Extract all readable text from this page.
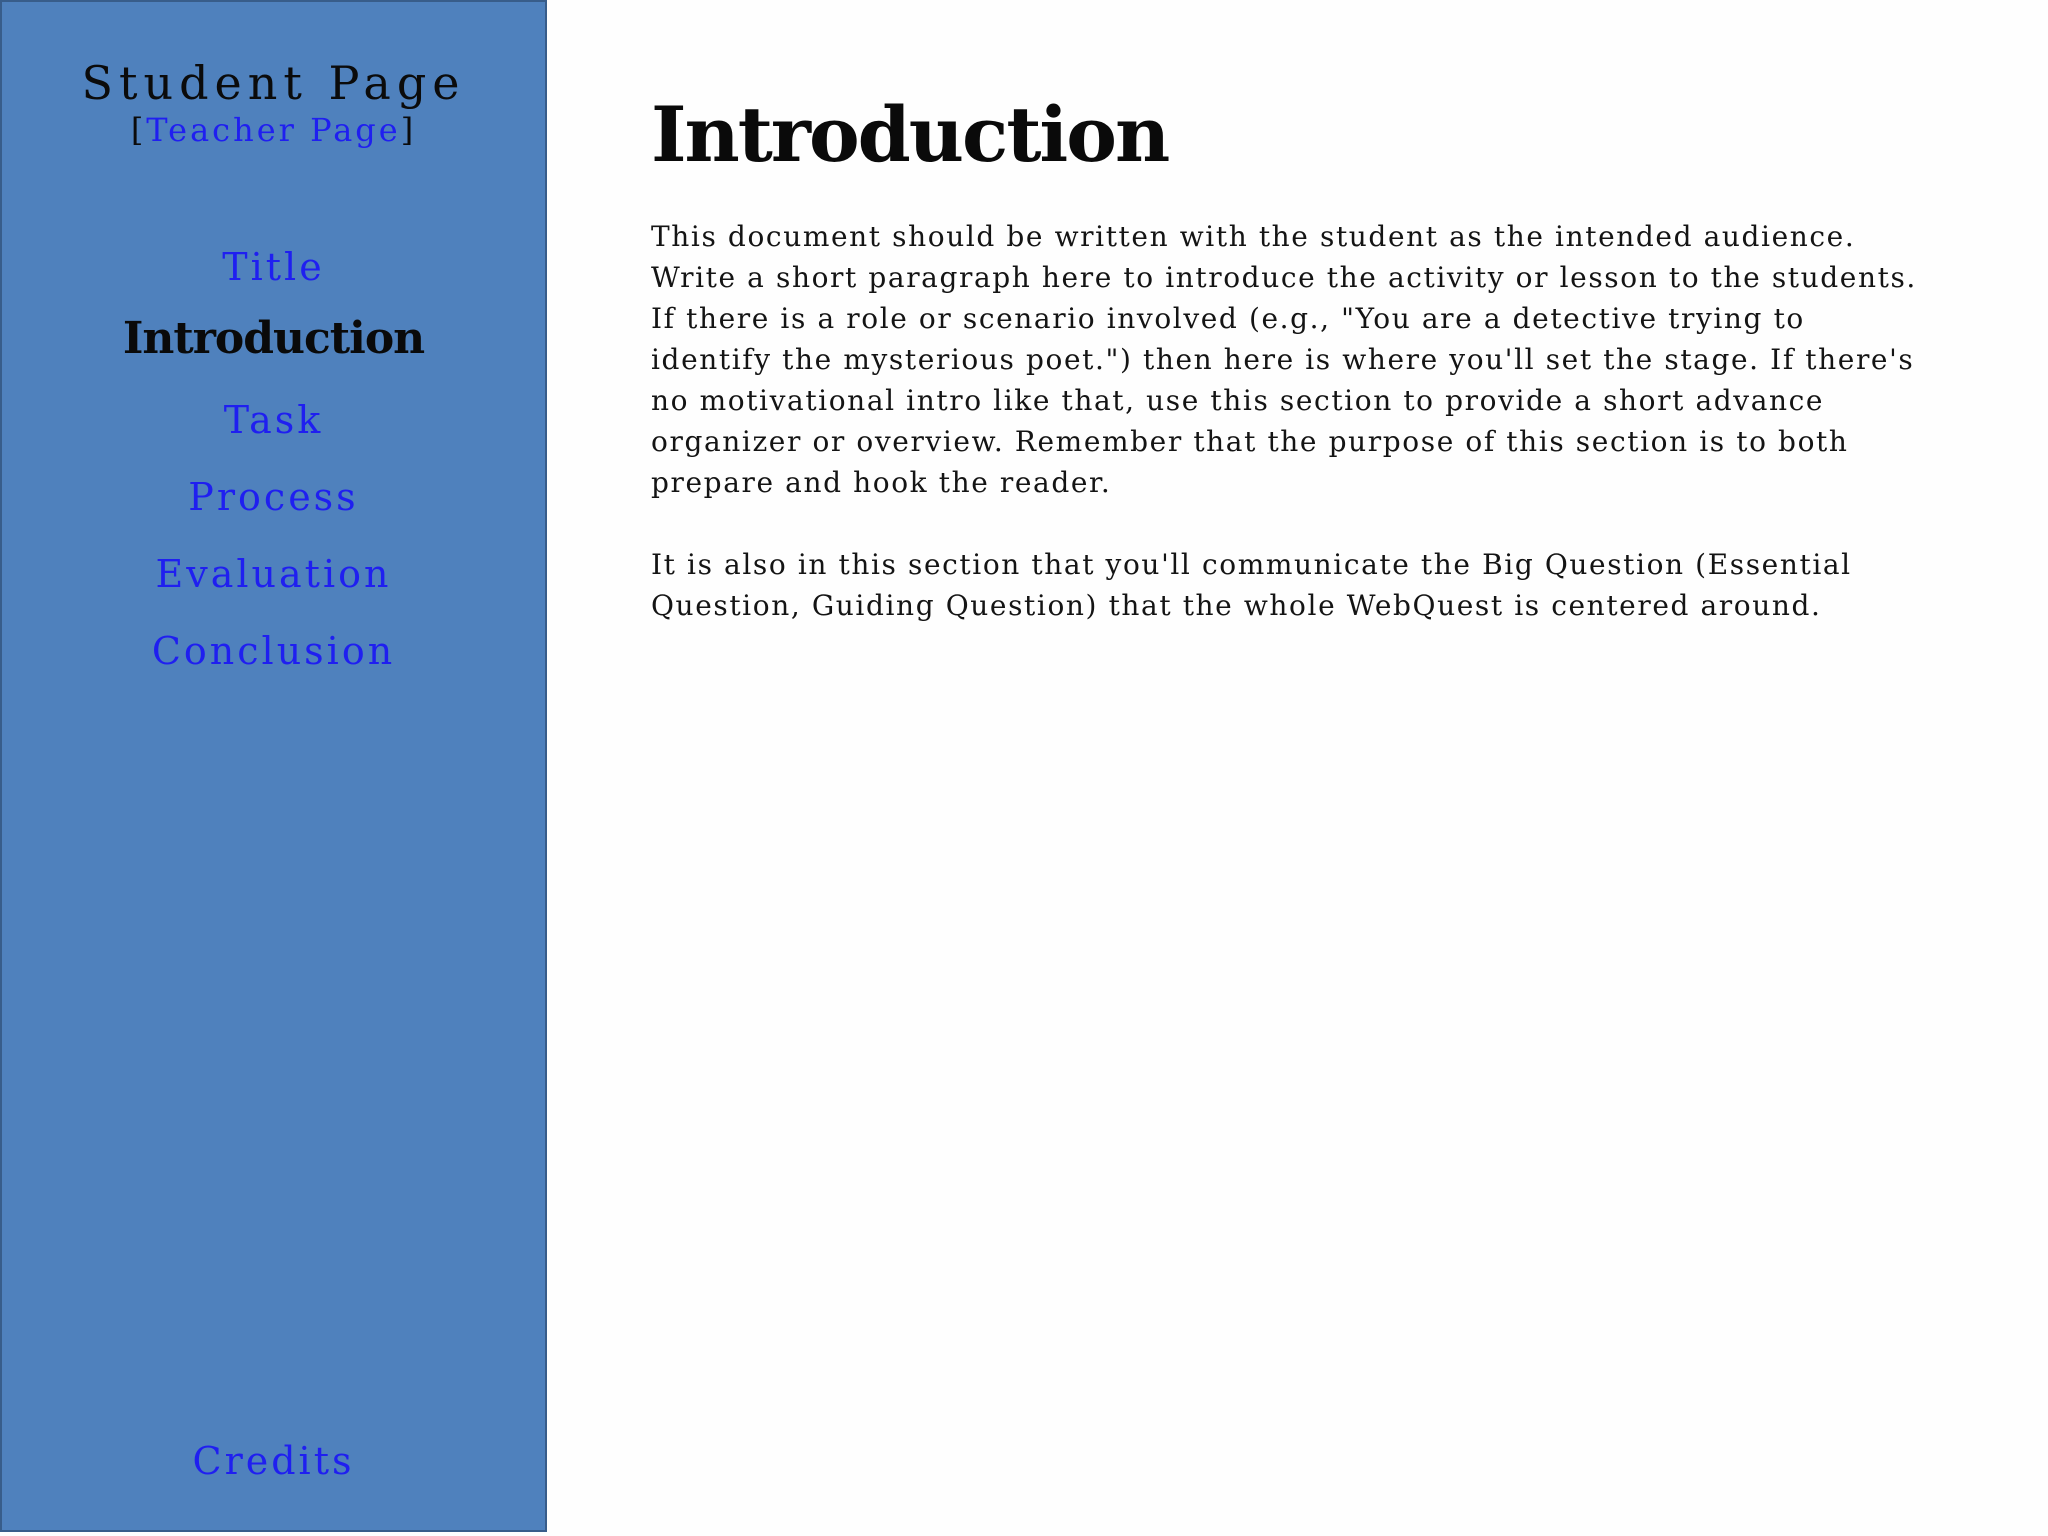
Student Page
[Teacher Page]
Title
Introduction
Task
Process
Evaluation
Conclusion
Credits
Introduction

This document should be written with the student as the intended audience. Write a short paragraph here to introduce the activity or lesson to the students. If there is a role or scenario involved (e.g., "You are a detective trying to identify the mysterious poet.") then here is where you'll set the stage. If there's no motivational intro like that, use this section to provide a short advance organizer or overview. Remember that the purpose of this section is to both prepare and hook the reader.

It is also in this section that you'll communicate the Big Question (Essential Question, Guiding Question) that the whole WebQuest is centered around.
